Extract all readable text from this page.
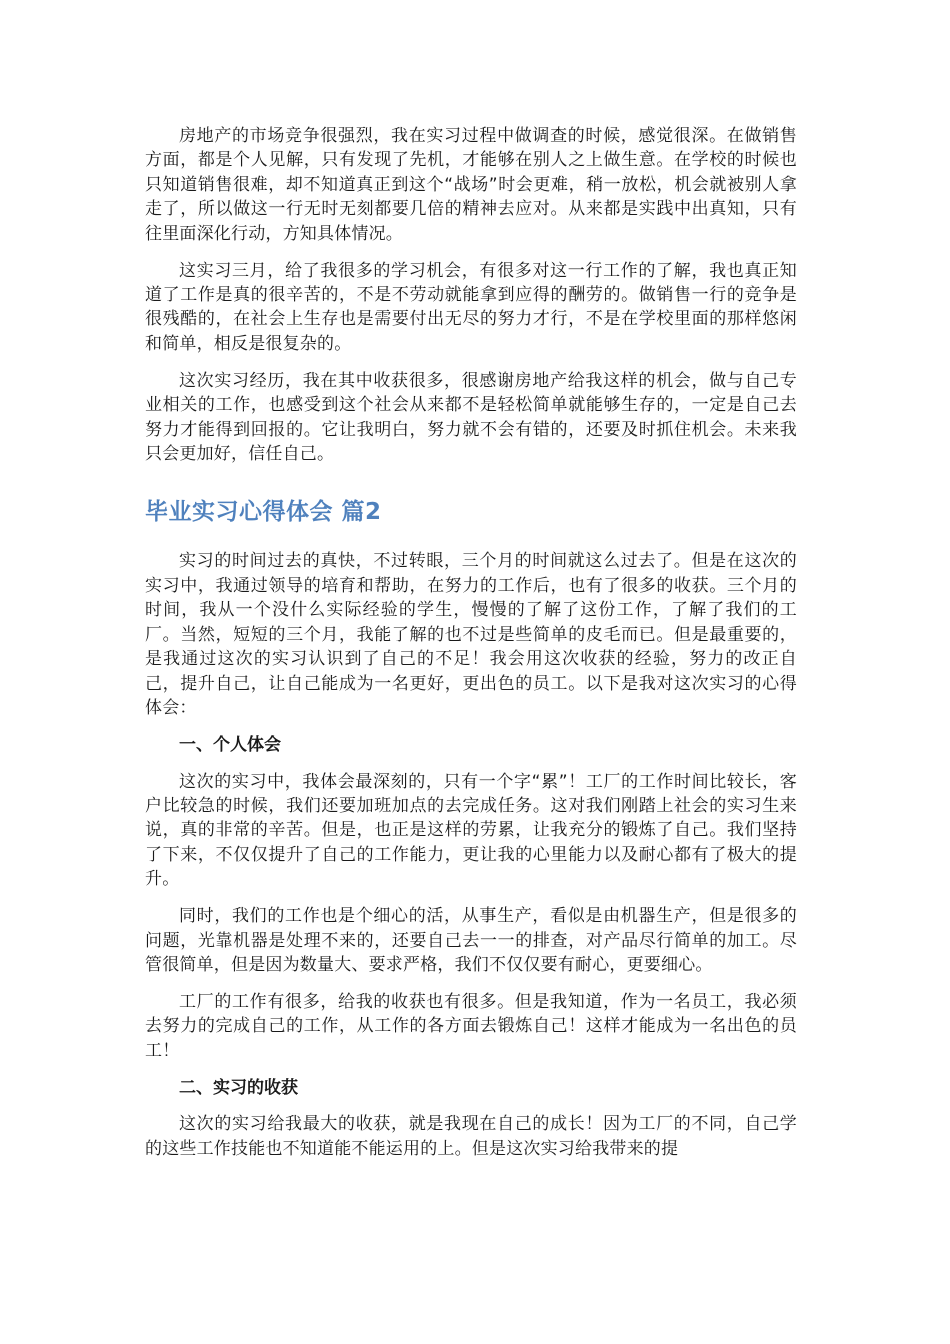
房地产的市场竞争很强烈，我在实习过程中做调查的时候，感觉很深。在做销售方面，都是个人见解，只有发现了先机，才能够在别人之上做生意。在学校的时候也只知道销售很难，却不知道真正到这个“战场”时会更难，稍一放松，机会就被别人拿走了，所以做这一行无时无刻都要几倍的精神去应对。从来都是实践中出真知，只有往里面深化行动，方知具体情况。

这实习三月，给了我很多的学习机会，有很多对这一行工作的了解，我也真正知道了工作是真的很辛苦的，不是不劳动就能拿到应得的酬劳的。做销售一行的竞争是很残酷的，在社会上生存也是需要付出无尽的努力才行，不是在学校里面的那样悠闲和简单，相反是很复杂的。

这次实习经历，我在其中收获很多，很感谢房地产给我这样的机会，做与自己专业相关的工作，也感受到这个社会从来都不是轻松简单就能够生存的，一定是自己去努力才能得到回报的。它让我明白，努力就不会有错的，还要及时抓住机会。未来我只会更加好，信任自己。

毕业实习心得体会 篇2

实习的时间过去的真快，不过转眼，三个月的时间就这么过去了。但是在这次的实习中，我通过领导的培育和帮助，在努力的工作后，也有了很多的收获。三个月的时间，我从一个没什么实际经验的学生，慢慢的了解了这份工作，了解了我们的工厂。当然，短短的三个月，我能了解的也不过是些简单的皮毛而已。但是最重要的，是我通过这次的实习认识到了自己的不足！我会用这次收获的经验，努力的改正自己，提升自己，让自己能成为一名更好，更出色的员工。以下是我对这次实习的心得体会：

一、个人体会

这次的实习中，我体会最深刻的，只有一个字“累”！工厂的工作时间比较长，客户比较急的时候，我们还要加班加点的去完成任务。这对我们刚踏上社会的实习生来说，真的非常的辛苦。但是，也正是这样的劳累，让我充分的锻炼了自己。我们坚持了下来，不仅仅提升了自己的工作能力，更让我的心里能力以及耐心都有了极大的提升。

同时，我们的工作也是个细心的活，从事生产，看似是由机器生产，但是很多的问题，光靠机器是处理不来的，还要自己去一一的排查，对产品尽行简单的加工。尽管很简单，但是因为数量大、要求严格，我们不仅仅要有耐心，更要细心。

工厂的工作有很多，给我的收获也有很多。但是我知道，作为一名员工，我必须去努力的完成自己的工作，从工作的各方面去锻炼自己！这样才能成为一名出色的员工！

二、实习的收获

这次的实习给我最大的收获，就是我现在自己的成长！因为工厂的不同，自己学的这些工作技能也不知道能不能运用的上。但是这次实习给我带来的提
